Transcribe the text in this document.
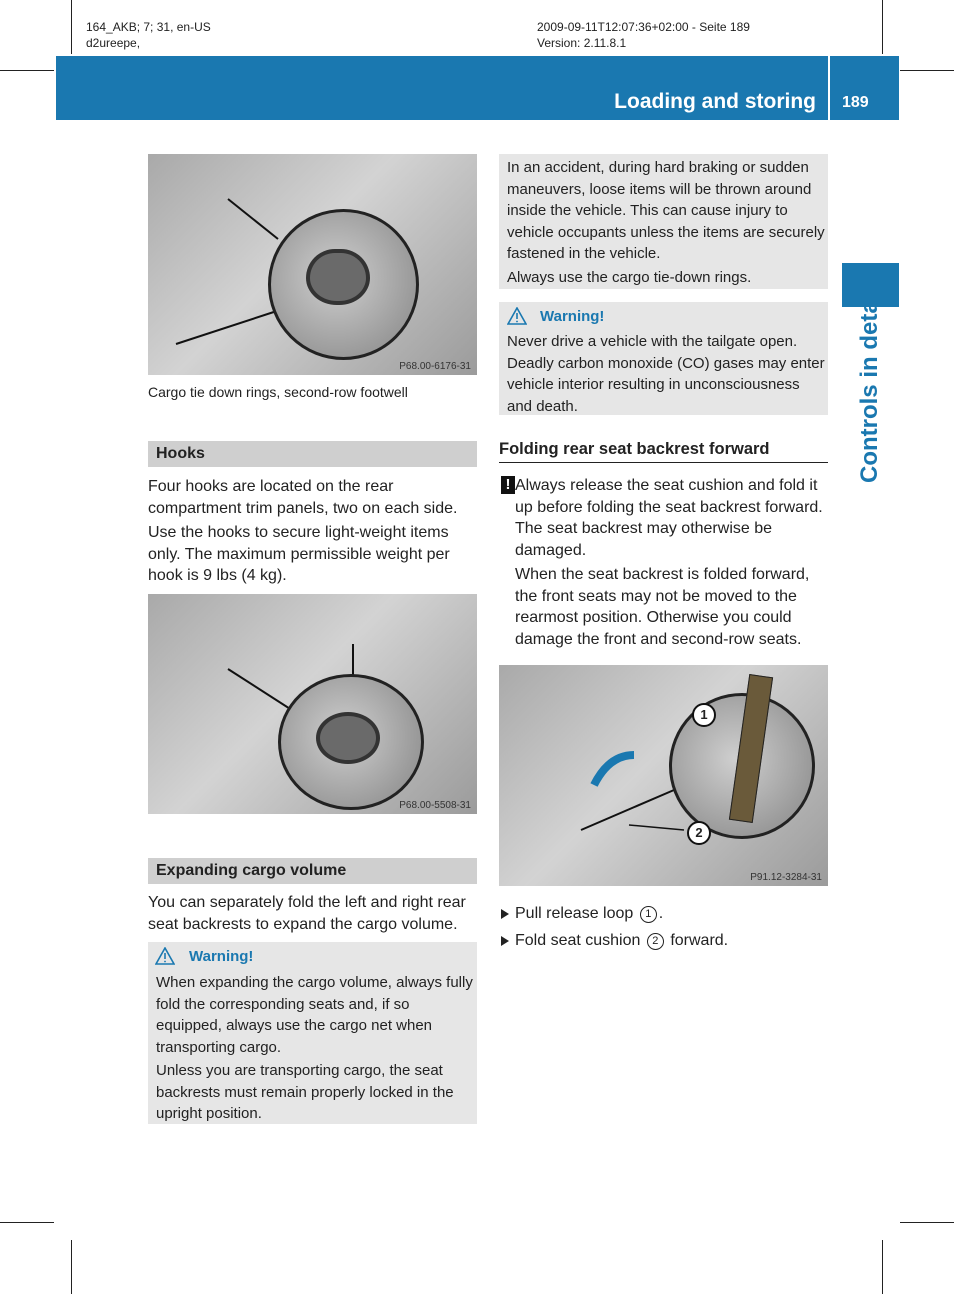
164_AKB; 7; 31, en-US
d2ureepe,
2009-09-11T12:07:36+02:00 - Seite 189
Version: 2.11.8.1
Loading and storing 189
Controls in detail
P68.00-6176-31
Cargo tie down rings, second-row footwell
Hooks

Four hooks are located on the rear compartment trim panels, two on each side.

Use the hooks to secure light-weight items only. The maximum permissible weight per hook is 9 lbs (4 kg).

P68.00-5508-31
Expanding cargo volume

You can separately fold the left and right rear seat backrests to expand the cargo volume.

Warning!

When expanding the cargo volume, always fully fold the corresponding seats and, if so equipped, always use the cargo net when transporting cargo.

Unless you are transporting cargo, the seat backrests must remain properly locked in the upright position.

In an accident, during hard braking or sudden maneuvers, loose items will be thrown around inside the vehicle. This can cause injury to vehicle occupants unless the items are securely fastened in the vehicle.

Always use the cargo tie-down rings.

Warning!

Never drive a vehicle with the tailgate open. Deadly carbon monoxide (CO) gases may enter vehicle interior resulting in unconsciousness and death.

Folding rear seat backrest forward
! Always release the seat cushion and fold it up before folding the seat backrest forward. The seat backrest may otherwise be damaged.

When the seat backrest is folded forward, the front seats may not be moved to the rearmost position. Otherwise you could damage the front and second-row seats.

1
2
P91.12-3284-31

Pull release loop 1 .

Fold seat cushion 2 forward.
